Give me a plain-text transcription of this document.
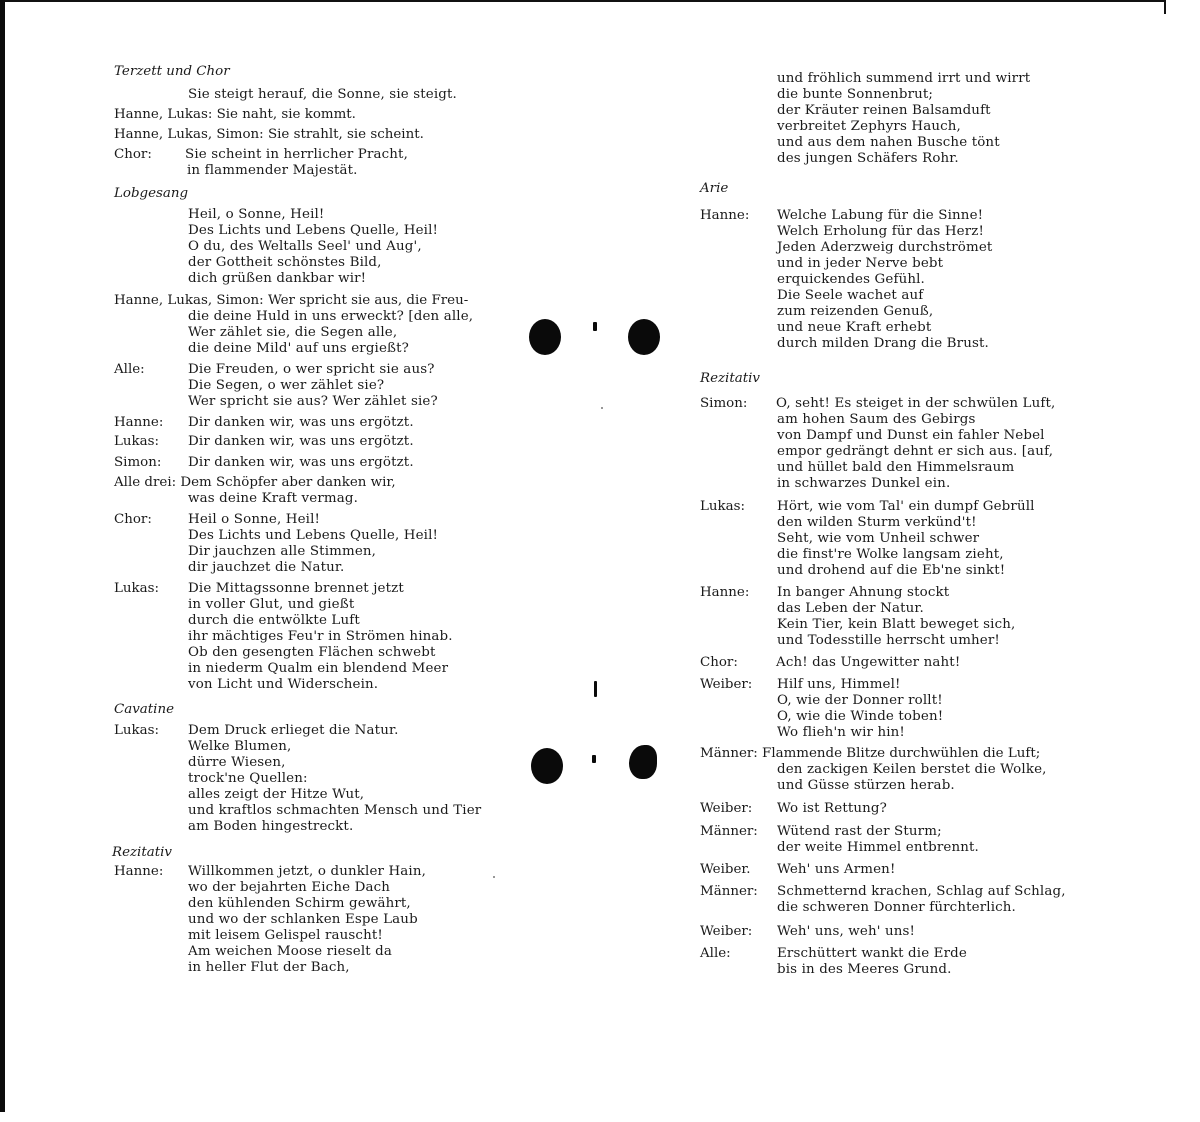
Terzett und Chor
Sie steigt herauf, die Sonne, sie steigt.
Hanne, Lukas: Sie naht, sie kommt.
Hanne, Lukas, Simon: Sie strahlt, sie scheint.
Chor: Sie scheint in herrlicher Pracht,
in flammender Majestät.
Lobgesang
Heil, o Sonne, Heil!
Des Lichts und Lebens Quelle, Heil!
O du, des Weltalls Seel' und Aug',
der Gottheit schönstes Bild,
dich grüßen dankbar wir!
Hanne, Lukas, Simon: Wer spricht sie aus, die Freu-
die deine Huld in uns erweckt? [den alle,
Wer zählet sie, die Segen alle,
die deine Mild' auf uns ergießt?
Alle:	Die Freuden, o wer spricht sie aus?
Die Segen, o wer zählet sie?
Wer spricht sie aus? Wer zählet sie?
Hanne: Dir danken wir, was uns ergötzt.
Lukas: Dir danken wir, was uns ergötzt.
Simon: Dir danken wir, was uns ergötzt.
Alle drei: Dem Schöpfer aber danken wir,
was deine Kraft vermag.
Chor:	Heil o Sonne, Heil!
Des Lichts und Lebens Quelle, Heil!
Dir jauchzen alle Stimmen,
dir jauchzet die Natur.
Lukas: Die Mittagssonne brennet jetzt
in voller Glut, und gießt
durch die entwölkte Luft
ihr mächtiges Feu'r in Strömen hinab.
Ob den gesengten Flächen schwebt
in niederm Qualm ein blendend Meer
von Licht und Widerschein.
Cavatine
Lukas: Dem Druck erlieget die Natur.
Welke Blumen,
dürre Wiesen,
trock'ne Quellen:
alles zeigt der Hitze Wut,
und kraftlos schmachten Mensch und Tier
am Boden hingestreckt.
Rezitativ
Hanne: Willkommen jetzt, o dunkler Hain,
wo der bejahrten Eiche Dach
den kühlenden Schirm gewährt,
und wo der schlanken Espe Laub
mit leisem Gelispel rauscht!
Am weichen Moose rieselt da
in heller Flut der Bach,
und fröhlich summend irrt und wirrt
die bunte Sonnenbrut;
der Kräuter reinen Balsamduft
verbreitet Zephyrs Hauch,
und aus dem nahen Busche tönt
des jungen Schäfers Rohr.
Arie
Hanne: Welche Labung für die Sinne!
Welch Erholung für das Herz!
Jeden Aderzweig durchströmet
und in jeder Nerve bebt
erquickendes Gefühl.
Die Seele wachet auf
zum reizenden Genuß,
und neue Kraft erhebt
durch milden Drang die Brust.
Rezitativ
Simon: O, seht! Es steiget in der schwülen Luft,
am hohen Saum des Gebirgs
von Dampf und Dunst ein fahler Nebel
empor gedrängt dehnt er sich aus. [auf,
und hüllet bald den Himmelsraum
in schwarzes Dunkel ein.
Lukas: Hört, wie vom Tal' ein dumpf Gebrüll
den wilden Sturm verkünd't!
Seht, wie vom Unheil schwer
die finst're Wolke langsam zieht,
und drohend auf die Eb'ne sinkt!
Hanne: In banger Ahnung stockt
das Leben der Natur.
Kein Tier, kein Blatt beweget sich,
und Todesstille herrscht umher!
Chor:	Ach! das Ungewitter naht!
Weiber: Hilf uns, Himmel!
O, wie der Donner rollt!
O, wie die Winde toben!
Wo flieh'n wir hin!
Männer: Flammende Blitze durchwühlen die Luft;
den zackigen Keilen berstet die Wolke,
und Güsse stürzen herab.
Weiber: Wo ist Rettung?
Männer: Wütend rast der Sturm;
der weite Himmel entbrennt.
Weiber. Weh' uns Armen!
Männer: Schmetternd krachen, Schlag auf Schlag,
die schweren Donner fürchterlich.
Weiber: Weh' uns, weh' uns!
Alle:	Erschüttert wankt die Erde
bis in des Meeres Grund.
